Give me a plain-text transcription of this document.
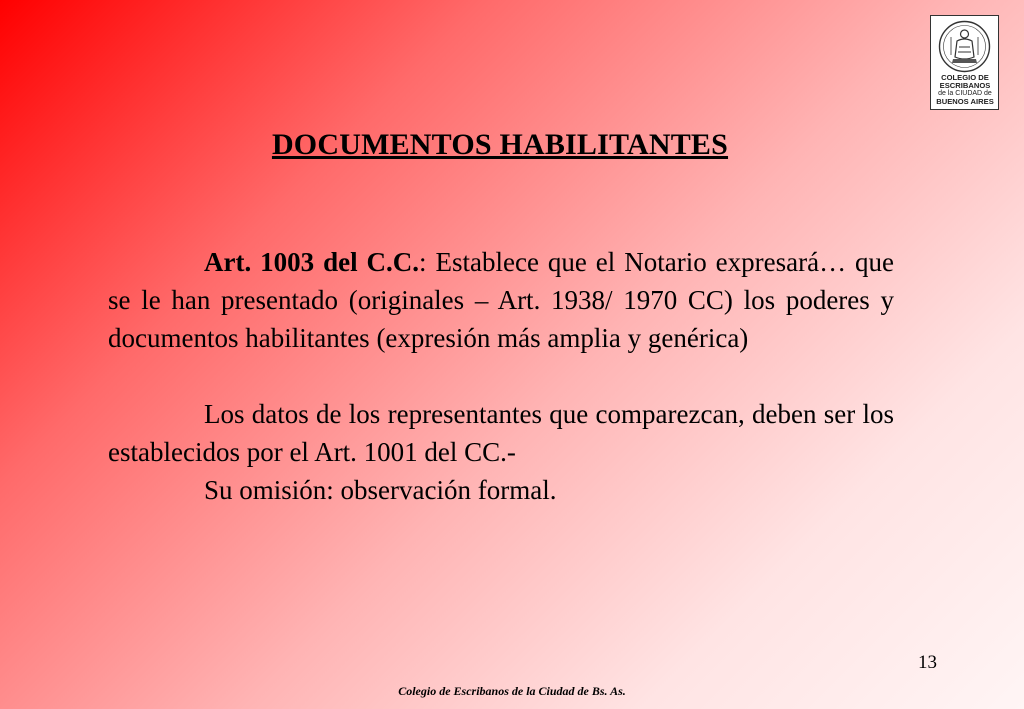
COLEGIO DE
ESCRIBANOS
de la CIUDAD de
BUENOS AIRES
DOCUMENTOS HABILITANTES

Art. 1003 del C.C.: Establece que el Notario expresará… que se le han presentado (originales – Art. 1938/ 1970 CC) los poderes y documentos habilitantes (expresión más amplia y genérica)

Los datos de los representantes que comparezcan, deben ser los establecidos por el Art. 1001 del CC.-

Su omisión: observación formal.

13
Colegio de Escribanos de la Ciudad de Bs. As.
